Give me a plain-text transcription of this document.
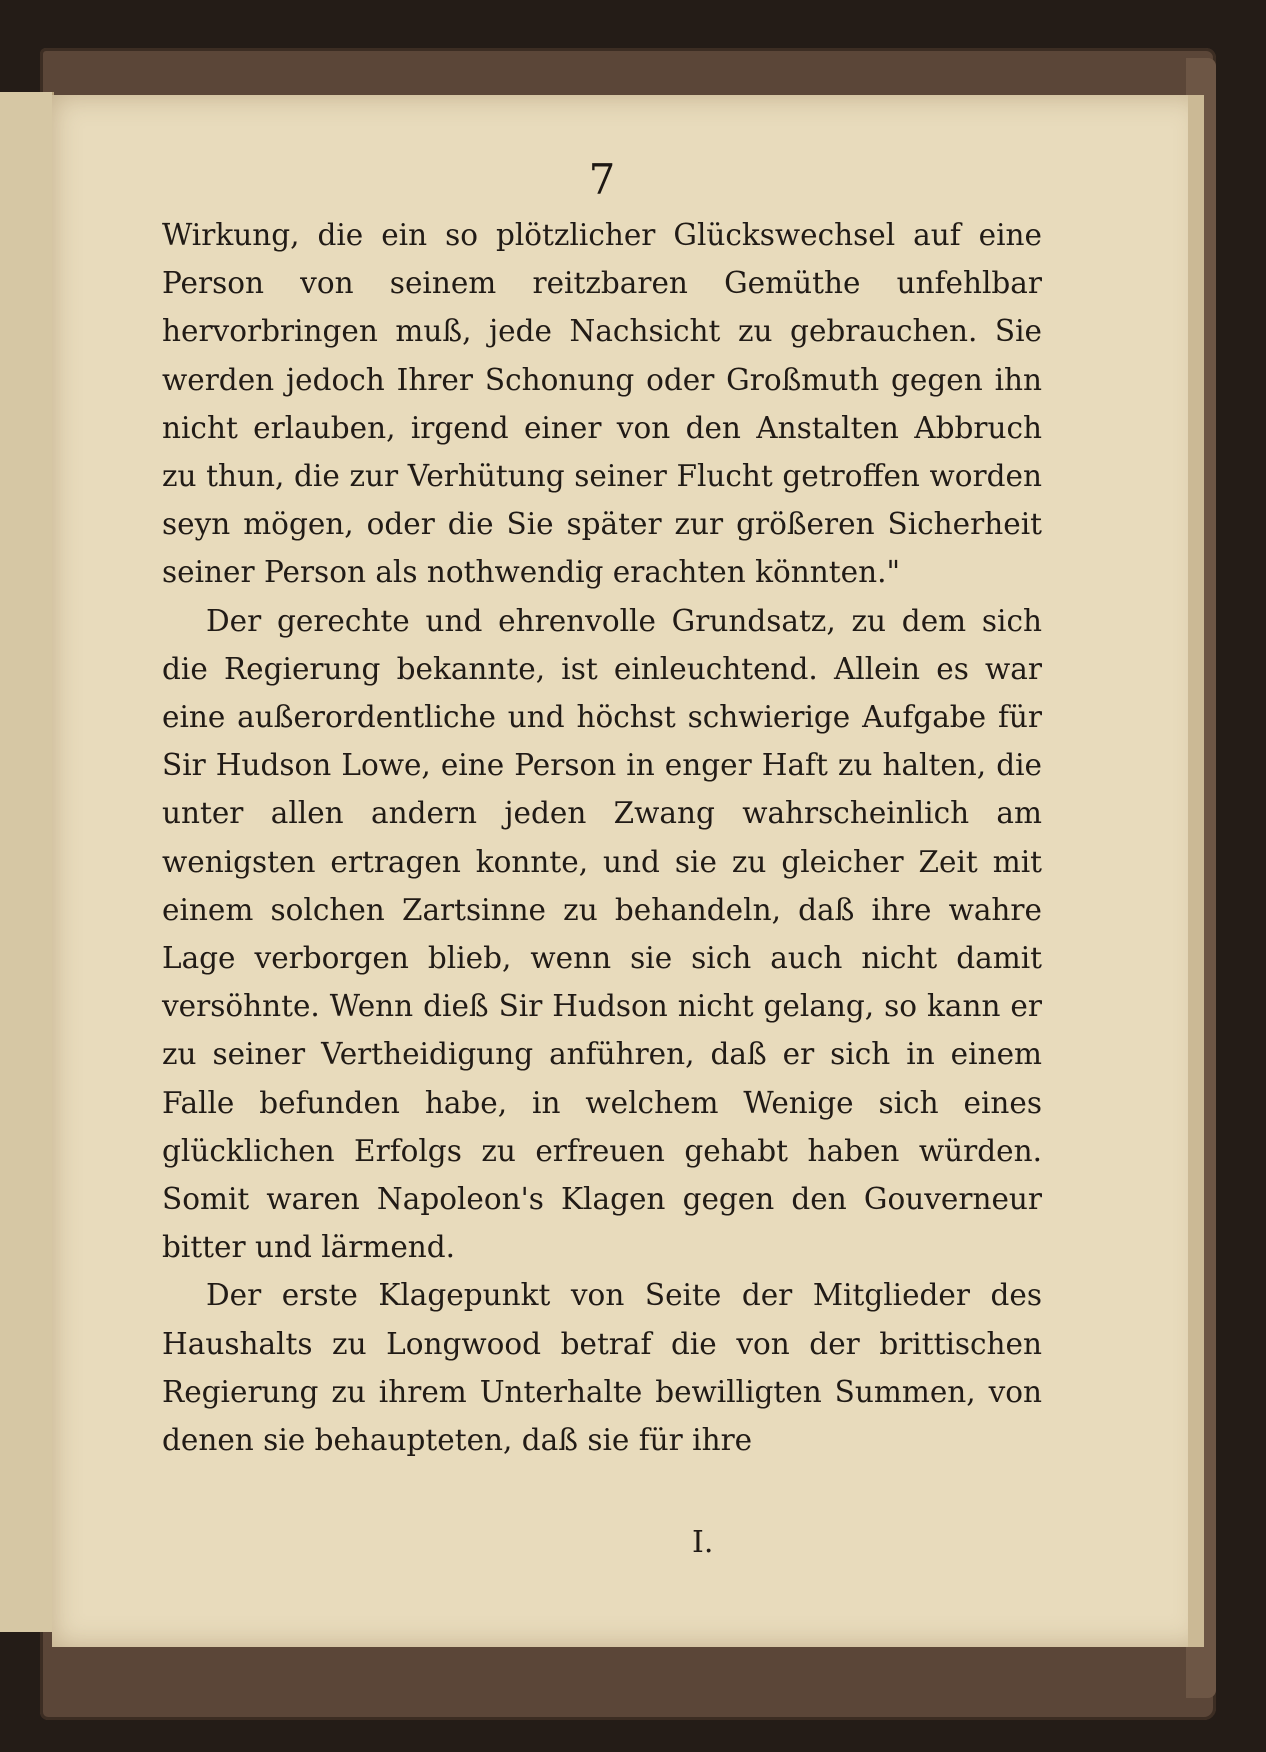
7

Wirkung, die ein so plötzlicher Glückswechsel auf eine Person von seinem reitzbaren Gemüthe unfehlbar hervorbringen muß, jede Nachsicht zu gebrauchen. Sie werden jedoch Ihrer Schonung oder Großmuth gegen ihn nicht erlauben, irgend einer von den Anstalten Abbruch zu thun, die zur Verhütung seiner Flucht getroffen worden seyn mögen, oder die Sie später zur größeren Sicherheit seiner Person als nothwendig erachten könnten."

Der gerechte und ehrenvolle Grundsatz, zu dem sich die Regierung bekannte, ist einleuchtend. Allein es war eine außerordentliche und höchst schwierige Aufgabe für Sir Hudson Lowe, eine Person in enger Haft zu halten, die unter allen andern jeden Zwang wahrscheinlich am wenigsten ertragen konnte, und sie zu gleicher Zeit mit einem solchen Zartsinne zu behandeln, daß ihre wahre Lage verborgen blieb, wenn sie sich auch nicht damit versöhnte. Wenn dieß Sir Hudson nicht gelang, so kann er zu seiner Vertheidigung anführen, daß er sich in einem Falle befunden habe, in welchem Wenige sich eines glücklichen Erfolgs zu erfreuen gehabt haben würden. Somit waren Napoleon's Klagen gegen den Gouverneur bitter und lärmend.

Der erste Klagepunkt von Seite der Mitglieder des Haushalts zu Longwood betraf die von der brittischen Regierung zu ihrem Unterhalte bewilligten Summen, von denen sie behaupteten, daß sie für ihre

I.
